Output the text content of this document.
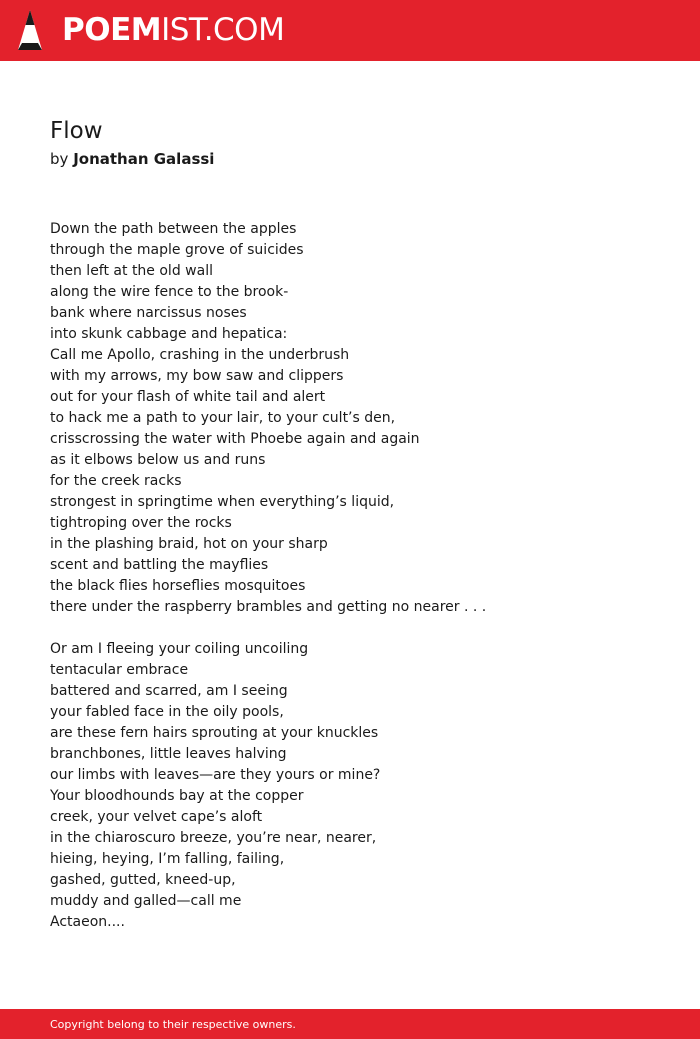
POEMIST.COM
Flow
by Jonathan Galassi
Down the path between the apples
through the maple grove of suicides
then left at the old wall
along the wire fence to the brook-
bank where narcissus noses
into skunk cabbage and hepatica:
Call me Apollo, crashing in the underbrush
with my arrows, my bow saw and clippers
out for your flash of white tail and alert
to hack me a path to your lair, to your cult’s den,
crisscrossing the water with Phoebe again and again
as it elbows below us and runs
for the creek racks
strongest in springtime when everything’s liquid,
tightroping over the rocks
in the plashing braid, hot on your sharp
scent and battling the mayflies
the black flies horseflies mosquitoes
there under the raspberry brambles and getting no nearer . . .
Or am I fleeing your coiling uncoiling
tentacular embrace
battered and scarred, am I seeing
your fabled face in the oily pools,
are these fern hairs sprouting at your knuckles
branchbones, little leaves halving
our limbs with leaves—are they yours or mine?
Your bloodhounds bay at the copper
creek, your velvet cape’s aloft
in the chiaroscuro breeze, you’re near, nearer,
hieing, heying, I’m falling, failing,
gashed, gutted, kneed-up,
muddy and galled—call me
Actaeon....
Copyright belong to their respective owners.
